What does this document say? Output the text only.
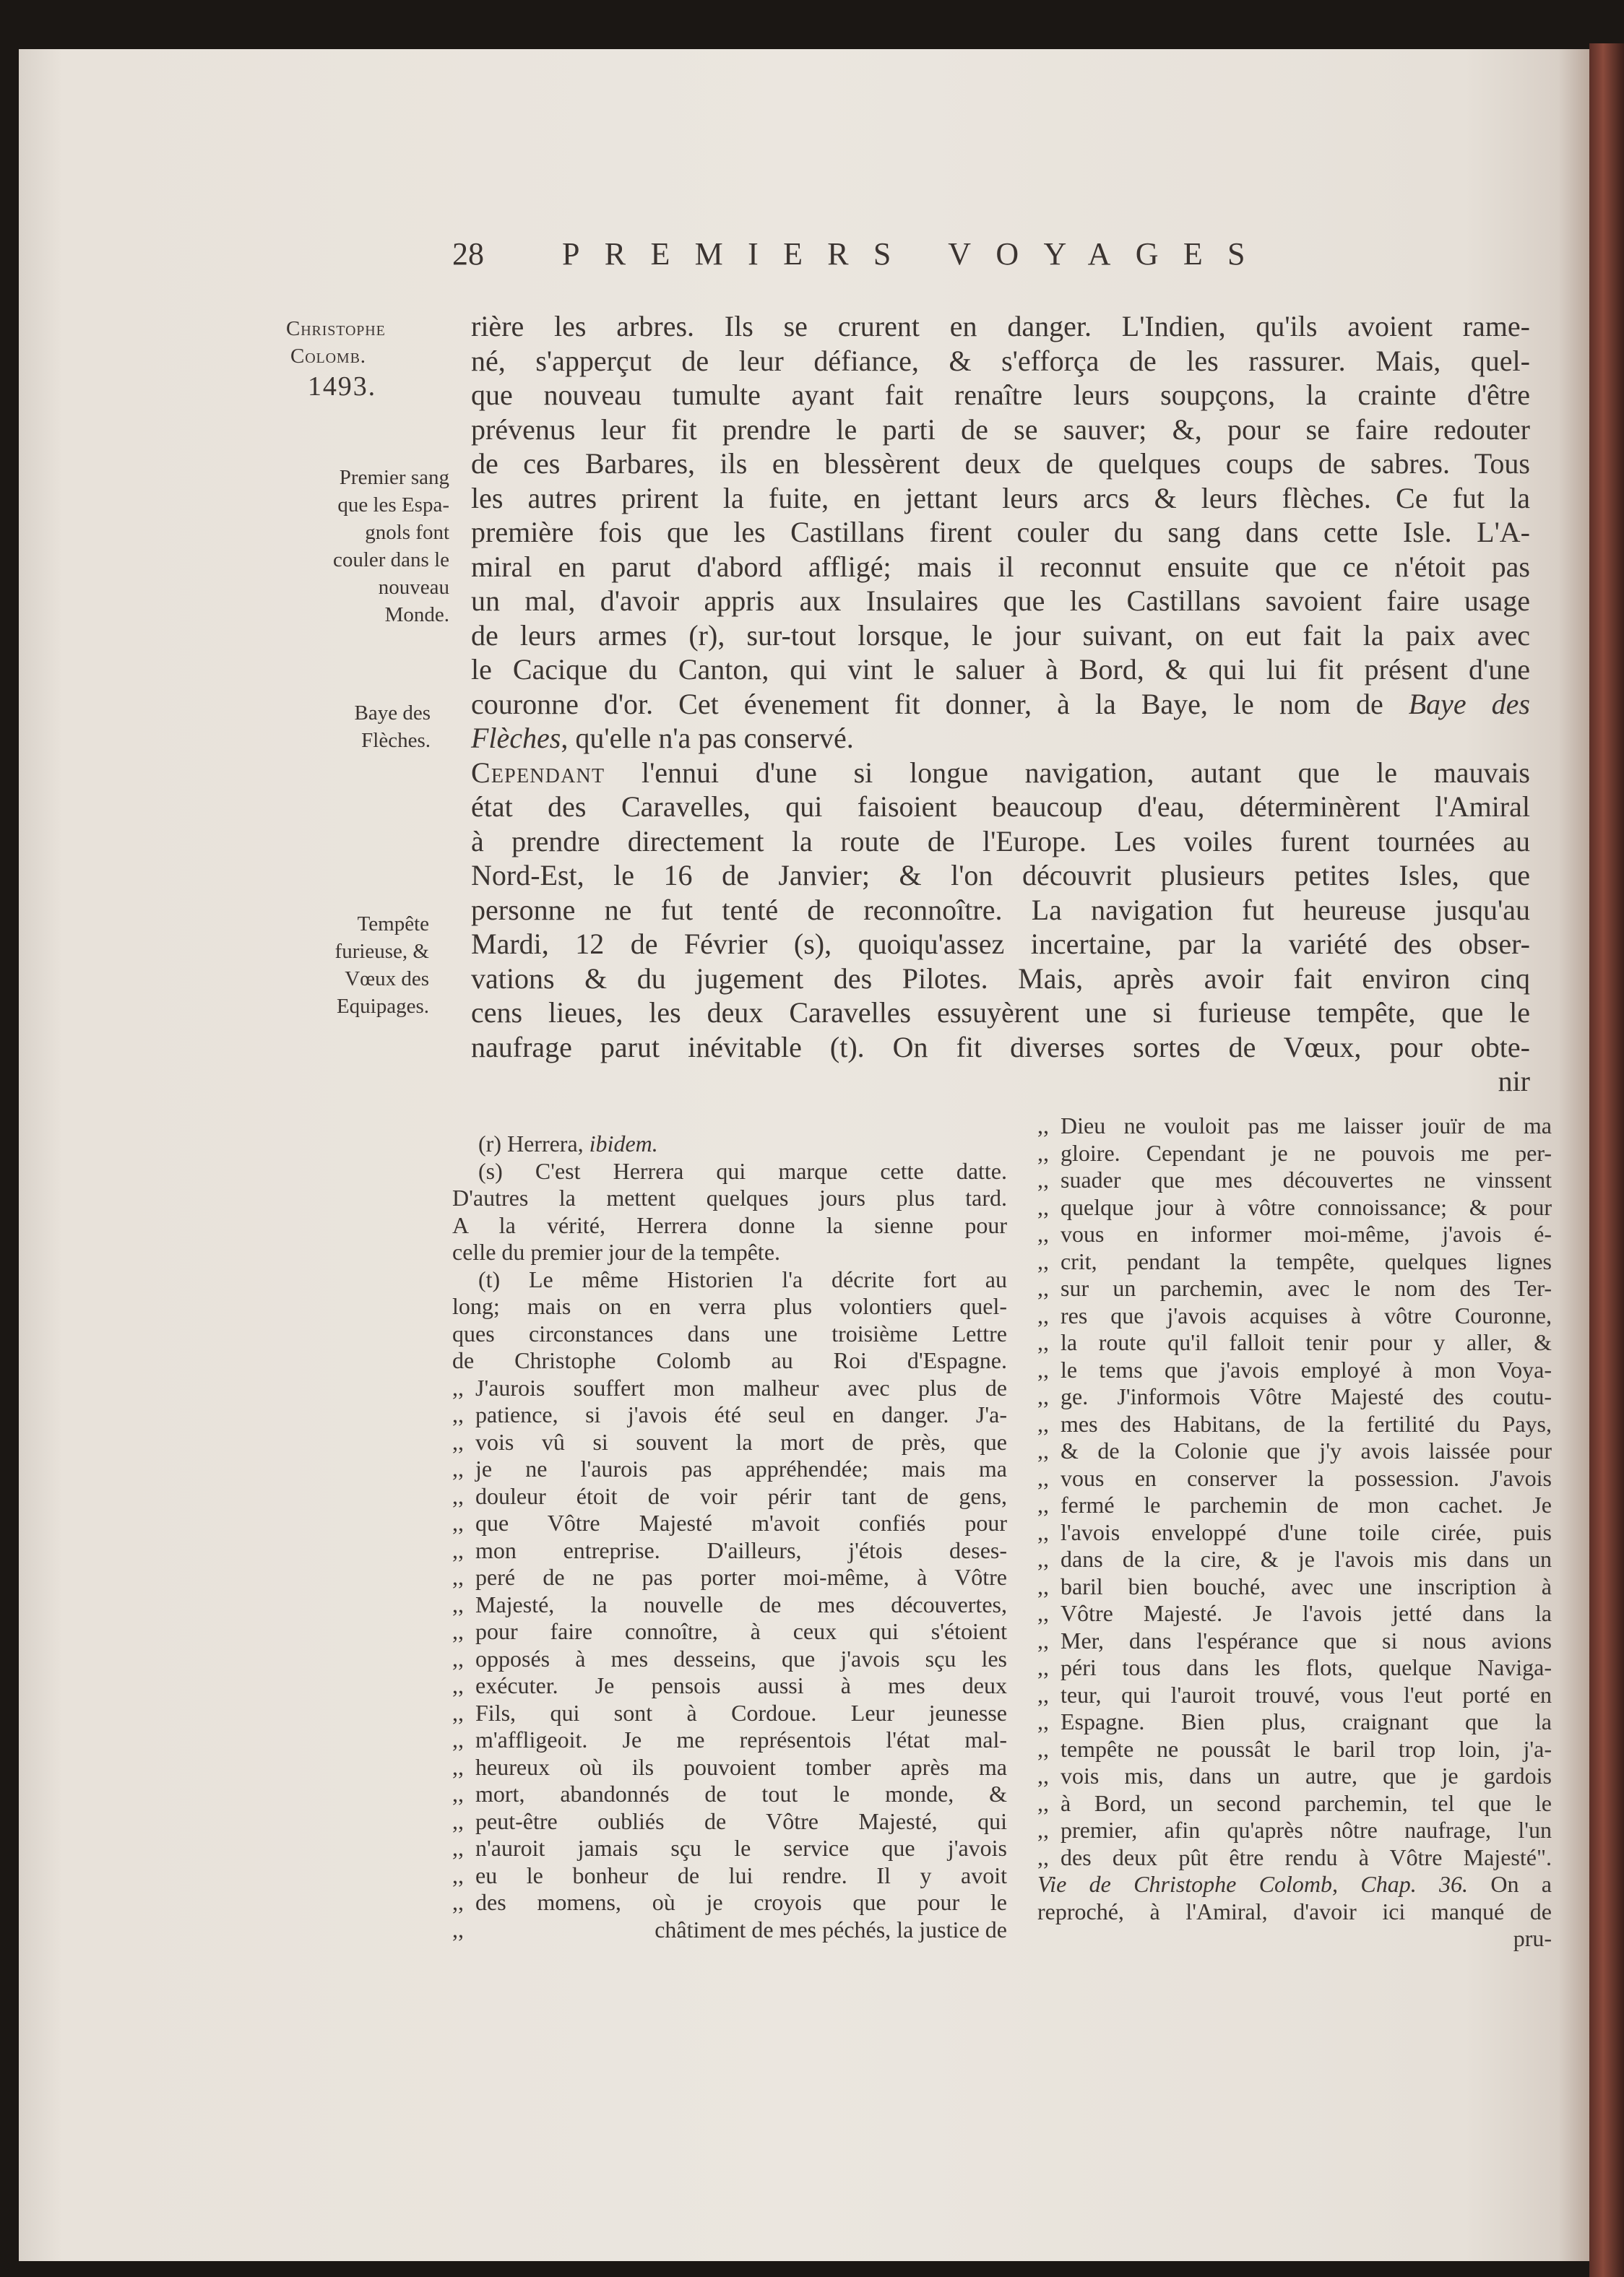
28 PREMIERS VOYAGES
Christophe
Colomb.
1493.
Premier sang
que les Espa-
gnols font
couler dans le
nouveau
Monde.
Baye des
Flèches.
Tempête
furieuse, &
Vœux des
Equipages.
rière les arbres. Ils se crurent en danger. L'Indien, qu'ils avoient rame-
né, s'apperçut de leur défiance, & s'efforça de les rassurer. Mais, quel-
que nouveau tumulte ayant fait renaître leurs soupçons, la crainte d'être
prévenus leur fit prendre le parti de se sauver; &, pour se faire redouter
de ces Barbares, ils en blessèrent deux de quelques coups de sabres. Tous
les autres prirent la fuite, en jettant leurs arcs & leurs flèches. Ce fut la
première fois que les Castillans firent couler du sang dans cette Isle. L'A-
miral en parut d'abord affligé; mais il reconnut ensuite que ce n'étoit pas
un mal, d'avoir appris aux Insulaires que les Castillans savoient faire usage
de leurs armes (r), sur-tout lorsque, le jour suivant, on eut fait la paix avec
le Cacique du Canton, qui vint le saluer à Bord, & qui lui fit présent d'une
couronne d'or. Cet évenement fit donner, à la Baye, le nom de Baye des
Flèches, qu'elle n'a pas conservé.
Cependant l'ennui d'une si longue navigation, autant que le mauvais
état des Caravelles, qui faisoient beaucoup d'eau, déterminèrent l'Amiral
à prendre directement la route de l'Europe. Les voiles furent tournées au
Nord-Est, le 16 de Janvier; & l'on découvrit plusieurs petites Isles, que
personne ne fut tenté de reconnoître. La navigation fut heureuse jusqu'au
Mardi, 12 de Février (s), quoiqu'assez incertaine, par la variété des obser-
vations & du jugement des Pilotes. Mais, après avoir fait environ cinq
cens lieues, les deux Caravelles essuyèrent une si furieuse tempête, que le
naufrage parut inévitable (t). On fit diverses sortes de Vœux, pour obte-
nir
(r) Herrera, ibidem.
(s) C'est Herrera qui marque cette datte.
D'autres la mettent quelques jours plus tard.
A la vérité, Herrera donne la sienne pour
celle du premier jour de la tempête.
(t) Le même Historien l'a décrite fort au
long; mais on en verra plus volontiers quel-
ques circonstances dans une troisième Lettre
de Christophe Colomb au Roi d'Espagne.
,, J'aurois souffert mon malheur avec plus de
,, patience, si j'avois été seul en danger. J'a-
,, vois vû si souvent la mort de près, que
,, je ne l'aurois pas appréhendée; mais ma
,, douleur étoit de voir périr tant de gens,
,, que Vôtre Majesté m'avoit confiés pour
,, mon entreprise. D'ailleurs, j'étois deses-
,, peré de ne pas porter moi-même, à Vôtre
,, Majesté, la nouvelle de mes découvertes,
,, pour faire connoître, à ceux qui s'étoient
,, opposés à mes desseins, que j'avois sçu les
,, exécuter. Je pensois aussi à mes deux
,, Fils, qui sont à Cordoue. Leur jeunesse
,, m'affligeoit. Je me représentois l'état mal-
,, heureux où ils pouvoient tomber après ma
,, mort, abandonnés de tout le monde, &
,, peut-être oubliés de Vôtre Majesté, qui
,, n'auroit jamais sçu le service que j'avois
,, eu le bonheur de lui rendre. Il y avoit
,, des momens, où je croyois que pour le
,,	châtiment de mes péchés, la justice de
,, Dieu ne vouloit pas me laisser jouïr de ma
,, gloire. Cependant je ne pouvois me per-
,, suader que mes découvertes ne vinssent
,, quelque jour à vôtre connoissance; & pour
,, vous en informer moi-même, j'avois é-
,, crit, pendant la tempête, quelques lignes
,, sur un parchemin, avec le nom des Ter-
,, res que j'avois acquises à vôtre Couronne,
,, la route qu'il falloit tenir pour y aller, &
,, le tems que j'avois employé à mon Voya-
,, ge. J'informois Vôtre Majesté des coutu-
,, mes des Habitans, de la fertilité du Pays,
,, & de la Colonie que j'y avois laissée pour
,, vous en conserver la possession. J'avois
,, fermé le parchemin de mon cachet. Je
,, l'avois enveloppé d'une toile cirée, puis
,, dans de la cire, & je l'avois mis dans un
,, baril bien bouché, avec une inscription à
,, Vôtre Majesté. Je l'avois jetté dans la
,, Mer, dans l'espérance que si nous avions
,, péri tous dans les flots, quelque Naviga-
,, teur, qui l'auroit trouvé, vous l'eut porté en
,, Espagne. Bien plus, craignant que la
,, tempête ne poussât le baril trop loin, j'a-
,, vois mis, dans un autre, que je gardois
,, à Bord, un second parchemin, tel que le
,, premier, afin qu'après nôtre naufrage, l'un
,, des deux pût être rendu à Vôtre Majesté".
Vie de Christophe Colomb, Chap. 36. On a
reproché, à l'Amiral, d'avoir ici manqué de
pru-
